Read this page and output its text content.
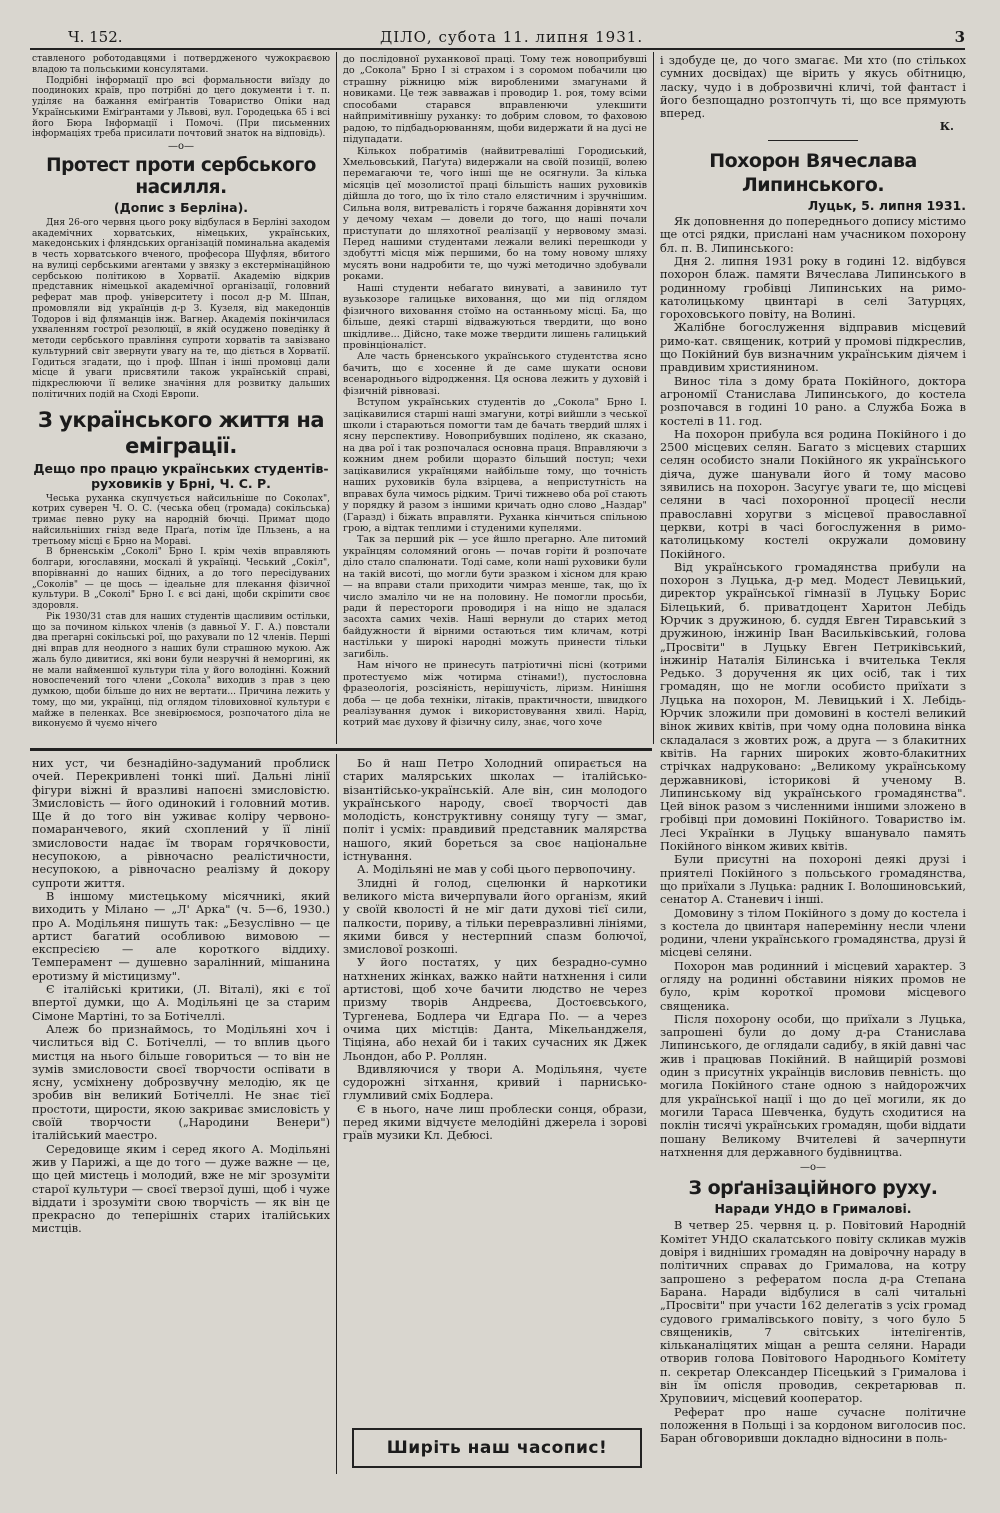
Ч. 152.	ДІЛО, субота 11. липня 1931.	3

ставленого роботодавцями і потвердженого чужокраєвою владою та польськими консулятами.

Подрібні інформації про всі формальности виїзду до поодиноких країв, про потрібні до цего документи і т. п. уділяє на бажання еміґрантів Товариство Опіки над Українськими Еміґрантами у Львові, вул. Городецька 65 і всі його Бюра Інформації і Помочі. (При письменних інформаціях треба присилати почтовий знаток на відповідь).

—о—
Протест проти сербського насилля.
(Допис з Берліна).

Дня 26-ого червня цього року відбулася в Берліні заходом академічних хорватських, німецьких, українських, македонських і фляндських організацій поминальна академія в честь хорватського вченого, професора Шуфляя, вбитого на вулиці сербськими агентами у звязку з екстермінаційною сербською політикою в Хорватії. Академію відкрив представник німецької академічної організації, головний реферат мав проф. університету і посол д-р М. Шпан, промовляли від українців д-р З. Кузеля, від македонців Тодоров і від фляманців інж. Вагнер. Академія покінчилася ухваленням гострої резолюції, в якій осуджено поведінку й методи сербського правління супроти хорватів та завізвано культурний світ звернути увагу на те, що діється в Хорватії. Годиться згадати, що і проф. Шпан і інші промовці дали місце й уваги присвятили також українській справі, підкреслюючи її велике значіння для розвитку дальших політичних подій на Сході Европи.

З українського життя на еміграції.
Дещо про працю українських студентів-руховиків у Брні, Ч. С. Р.

Чеська руханка скупчується найсильніше по Соколах", котрих суверен Ч. О. С. (чеська обец (громада) сокільська) тримає певно руку на народній бючці. Примат щодо найсильніших гнізд веде Праґа, потім їде Пльзень, а на третьому місці є Брно на Мораві.

В брненськім „Соколі" Брно І. крім чехів вправляють болгари, югославяни, москалі й українці. Чеський „Сокіл", впорівнанні до наших бідних, а до того пересідуваних „Соколів" — це щось — ідеальне для плекання фізичної культури. В „Соколі" Брно І. є всі дані, щоби скріпити своє здоровля.

Рік 1930/31 став для наших студентів щасливим остільки, що за почином кількох членів (з давньої У. Г. А.) повстали два прегарні сокільські рої, що рахували по 12 членів. Перші дні вправ для неодного з наших були страшною мукою. Аж жаль було дивитися, які вони були незручні й неморгині, як не мали найменшої культури тіла у його володінні. Кожний новоспечений того члени „Сокола" виходив з прав з цею думкою, щоби більше до них не вертати... Причина лежить у тому, що ми, українці, під оглядом тіловиховної культури є майже в пеленках. Все зневірюємося, розпочатого діла не виконуємо й чуємо нічего

до послідовної руханкової праці. Тому теж новоприбувші до „Сокола" Брно І зі страхом і з соромом побачили цю страшну ріжницю між виробленими змагунами й новиками. Це теж завважав і проводир 1. роя, тому всіми способами старався вправленючи улекшити найпримітивнішу руханку: то добрим словом, то фаховою радою, то підбадьорюванням, щоби видержати й на дусі не підупадати.

Кількох побратимів (найвитреваліші Городиський, Хмельовський, Паґута) видержали на своїй позиції, волею перемагаючи те, чого інші ще не осягнули. За кілька місяців цеї мозолистої праці більшість наших руховиків дійшла до того, що їх тіло стало елястичним і зручнішим. Сильна воля, витревалість і горяче бажання дорівняти хоч у дечому чехам — довели до того, що наші почали приступати до шляхотної реалізації у нервовому змазі. Перед нашими студентами лежали великі перешкоди у здобутті місця між першими, бо на тому новому шляху мусять вони надробити те, що чужі методично здобували роками.

Наші студенти небагато винуваті, а завинило тут вузькозоре галицьке виховання, що ми під оглядом фізичного виховання стоїмо на останньому місці. Ба, що більше, деякі старші відважуються твердити, що воно шкідливе... Дійсно, таке може твердити лишень галицький провінціоналіст.

Але часть брненського українського студентства ясно бачить, що є хосенне й де саме шукати основи всенароднього відродження. Ця основа лежить у духовій і фізичній рівновазі.

Вступом українських студентів до „Сокола" Брно І. зацікавилися старші наші змагуни, котрі вийшли з чеської школи і стараються помогти там де бачать твердий шлях і ясну перспективу. Новоприбувших поділено, як сказано, на два рої і так розпочалася основна праця. Вправляючи з кожним днем робили щоразто більший поступ; чехи зацікавилися українцями найбільше тому, що точність наших руховиків була взірцева, а непристутність на вправах була чимось рідким. Тричі тижнево оба рої стають у порядку й разом з іншими кричать одно слово „Наздар" (Гаразд) і біжать вправляти. Руханка кінчиться спільною грою, а відтак теплими і студеними купелями.

Так за перший рік — усе йшло прегарно. Але питомий українцям соломяний огонь — почав горіти й розпочате діло стало спалюнати. Тоді саме, коли наші руховики були на такій висоті, що могли бути зразком і хісном для краю — на вправи стали приходити чимраз менше, так, що їх число змаліло чи не на половину. Не помогли просьби, ради й перестороги проводиря і на ніщо не здалася засохта самих чехів. Наші вернули до старих метод байдужности й вірними остаються тим кличам, котрі настільки у широкі народні можуть принести тільки загибіль.

Нам нічого не принесуть патріотичні пісні (котрими протестуємо між чотирма стінами!), пустословна фразеологія, розсіяність, нерішучість, ліризм. Нинішня доба — це доба техніки, літаків, практичности, швидкого реалізування думок і використовування хвилі. Нарід, котрий має духову й фізичну силу, знає, чого хоче

і здобуде це, до чого змагає. Ми хто (по стількох сумних досвідах) ще вірить у якусь обітницю, ласку, чудо і в доброзвичні кличі, той фантаст і його безпощадно розтопчуть ті, що все прямують вперед.

К.
Похорон Вячеслава Липинського.
Луцьк, 5. липня 1931.

Як доповнення до попереднього допису містимо ще отсі рядки, прислані нам учасником похорону бл. п. В. Липинського:

Дня 2. липня 1931 року в годині 12. відбувся похорон блаж. памяти Вячеслава Липинського в родинному гробівці Липинських на римо-католицькому цвинтарі в селі Затурцях, гороховського повіту, на Волині.

Жалібне богослуження відправив місцевий римо-кат. священик, котрий у промові підкреслив, що Покійний був визначним українським діячем і правдивим християнином.

Винос тіла з дому брата Покійного, доктора агрономії Станислава Липинського, до костела розпочався в годині 10 рано. а Служба Божа в костелі в 11. год.

На похорон прибула вся родина Покійного і до 2500 місцевих селян. Багато з місцевих старших селян особисто знали Покійного як українського діяча, дуже шанували його й тому масово зявились на похорон. Засугує уваги те, що місцеві селяни в часі похоронної процесії несли православні хоругви з місцевої православної церкви, котрі в часі богослуження в римо-католицькому костелі окружали домовину Покійного.

Від українського громадянства прибули на похорон з Луцька, д-р мед. Модест Левицький, директор української гімназії в Луцьку Борис Білецький, б. приватдоцент Харитон Лебідь Юрчик з дружиною, б. суддя Евген Тиравський з дружиною, інжинір Іван Васильківський, голова „Просвіти" в Луцьку Евген Петриківський, інжинір Наталія Білинська і вчителька Текля Редько. З доручення як цих осіб, так і тих громадян, що не могли особисто приїхати з Луцька на похорон, М. Левицький і Х. Лебідь-Юрчик зложили при домовині в костелі великий вінок живих квітів, при чому одна половина вінка складалася з жовтих рож, а друга — з блакитних квітів. На гарних широких жовто-блакитних стрічках надруковано: „Великому українському державникові, історикові й ученому В. Липинському від українського громадянства". Цей вінок разом з численними іншими зложено в гробівці при домовині Покійного. Товариство ім. Лесі Українки в Луцьку вшанувало память Покійного вінком живих квітів.

Були присутні на похороні деякі друзі і приятелі Покійного з польського громадянства, що приїхали з Луцька: радник І. Волошиновський, сенатор А. Станевич і інші.

Домовину з тілом Покійного з дому до костела і з костела до цвинтаря наперемінну несли члени родини, члени українського громадянства, друзі й місцеві селяни.

Похорон мав родинний і місцевий характер. З огляду на родинні обставини ніяких промов не було, крім короткої промови місцевого священика.

Після похорону особи, що приїхали з Луцька, запрошені були до дому д-ра Станислава Липинського, де оглядали садибу, в якій давні час жив і працював Покійний. В найщирій розмові один з присутніх українців висловив певність. що могила Покійного стане одною з найдорожчих для української нації і що до цеї могили, як до могили Тараса Шевченка, будуть сходитися на поклін тисячі українських громадян, щоби віддати пошану Великому Вчителеві й зачерпнути натхнення для державного будівництва.

—о—
З орґанізаційного руху.
Наради УНДО в Грималові.

В четвер 25. червня ц. р. Повітовий Народній Комітет УНДО скалатського повіту скликав мужів довіря і видніших громадян на довірочну нараду в політичних справах до Грималова, на котру запрошено з рефератом посла д-ра Степана Барана. Наради відбулися в салі читальні „Просвіти" при участи 162 делегатів з усіх громад судового грималівського повіту, з чого було 5 священиків, 7 світських інтелігентів, кільканаліцятих міщан а решта селяни. Наради отворив голова Повітового Народнього Комітету п. секретар Олександер Пісецький з Грималова і він їм опісля проводив, секретарював п. Хруповиич, місцевий кооператор.

Реферат про наше сучасне політичне положення в Польщі і за кордоном виголосив пос. Баран обговоривши докладно відносини в поль-

них уст, чи безнадійно-задуманий проблиск очей. Перекривлені тонкі шиї. Дальні лінії фігури віжні й вразливі напоєні змисловістю. Змисловість — його одинокий і головний мотив. Ще й до того він уживає коліру червоно-помаранчевого, який схоплений у її лінії змисловости надає їм творам горячковости, несупокою, а рівночасно реалістичности, несупокою, а рівночасно реалізму й докору супроти життя.

В іншому мистецькому місячникі, який виходить у Мілано — „Л' Арка" (ч. 5—6, 1930.) про А. Модільяня пишуть так: „Безуслівно — це артист багатий особливою вимовою — експресією — але короткого віддиху. Темперамент — душевно заралінний, мішанина еротизму й містицизму".

Є італійські критики, (Л. Віталі), які є тої впертої думки, що А. Модільяні це за старим Сімоне Мартіні, то за Ботічеллі.

Алеж бо признаймось, то Модільяні хоч і числиться від С. Ботічеллі, — то вплив цього мистця на нього більше говориться — то він не зумів змисловости своєї творчости оспівати в ясну, усміхнену доброзвучну мелодію, як це зробив він великий Ботічеллі. Не знає тієї простоти, щирости, якою закриває змисловість у своїй творчости („Народини Венери") італійський маестро.

Середовище яким і серед якого А. Модільяні жив у Парижі, а ще до того — дуже важне — це, що цей мистець і молодий, вже не міг зрозуміти старої культури — своєї тверзої душі, щоб і чуже віддати і зрозуміти свою творчість — як він це прекрасно до теперішніх старих італійських мистців.

Бо й наш Петро Холодний опирається на старих малярських школах — італійсько-візантійсько-українській. Але він, син молодого українського народу, своєї творчості дав молодість, конструктивну сонящу тугу — змаг, політ і усміх: правдивий представник малярства нашого, який бореться за своє національне істнування.

А. Модільяні не мав у собі цього первопочину.

Злидні й голод, сцелюнки й наркотики великого міста вичерпували його організм, який у своїй кволості й не міг дати духові тієї сили, палкости, пориву, а тільки перевразливні лініями, якими бився у нестерпний спазм болючої, змислової розкоші.

У його постатях, у цих безрадно-сумно натхнених жінках, важко найти натхнення і сили артистові, щоб хоче бачити людство не через призму творів Андреєва, Достоєвського, Тургенева, Бодлера чи Едгара По. — а через очима цих містців: Данта, Мікельанджеля, Тіціяна, або нехай би і таких сучасних як Джек Льондон, або Р. Роллян.

Вдивляючися у твори А. Модільяня, чуєте судорожні зітхання, кривий і парнисько-глумливий сміх Бодлера.

Є в нього, наче лиш проблески сонця, образи, перед якими відчуєте мелодійні джерела і зорові граїв музики Кл. Дебюсі.

Ширіть наш часопис!
